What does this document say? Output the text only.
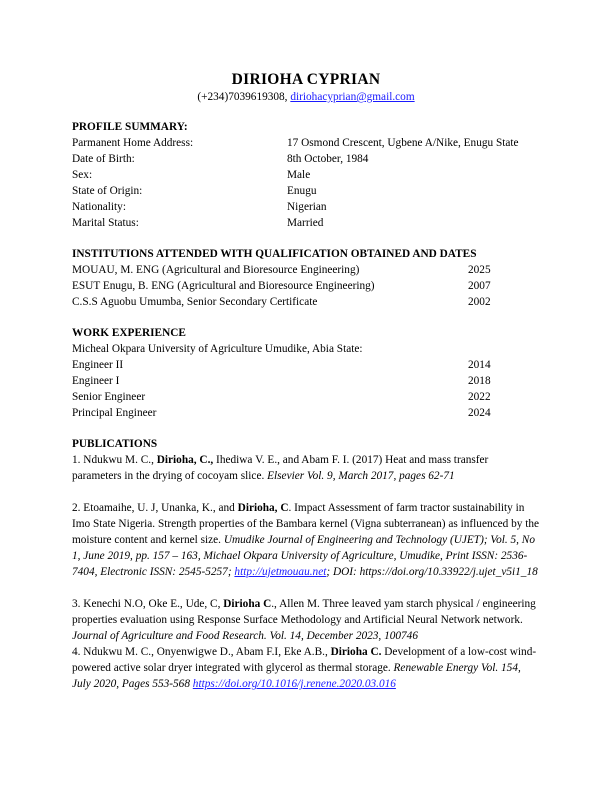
DIRIOHA CYPRIAN
(+234)7039619308, diriohacyprian@gmail.com
PROFILE SUMMARY:
Parmanent Home Address:	17 Osmond Crescent, Ugbene A/Nike, Enugu State
Date of Birth:	8th October, 1984
Sex:	Male
State of Origin:	Enugu
Nationality:	Nigerian
Marital Status:	Married
INSTITUTIONS ATTENDED WITH QUALIFICATION OBTAINED AND DATES
MOUAU, M. ENG (Agricultural and Bioresource Engineering)	2025
ESUT Enugu, B. ENG (Agricultural and Bioresource Engineering)	2007
C.S.S Aguobu Umumba, Senior Secondary Certificate	2002
WORK EXPERIENCE
Micheal Okpara University of Agriculture Umudike, Abia State:
Engineer II	2014
Engineer I	2018
Senior Engineer	2022
Principal Engineer	2024
PUBLICATIONS
1. Ndukwu M. C., Dirioha, C., Ihediwa V. E., and Abam F. I. (2017) Heat and mass transfer parameters in the drying of cocoyam slice. Elsevier Vol. 9, March 2017, pages 62-71
2. Etoamaihe, U. J, Unanka, K., and Dirioha, C. Impact Assessment of farm tractor sustainability in Imo State Nigeria. Strength properties of the Bambara kernel (Vigna subterranean) as influenced by the moisture content and kernel size. Umudike Journal of Engineering and Technology (UJET); Vol. 5, No 1, June 2019, pp. 157 – 163, Michael Okpara University of Agriculture, Umudike, Print ISSN: 2536-7404, Electronic ISSN: 2545-5257; http://ujetmouau.net; DOI: https://doi.org/10.33922/j.ujet_v5i1_18
3. Kenechi N.O, Oke E., Ude, C, Dirioha C., Allen M. Three leaved yam starch physical / engineering properties evaluation using Response Surface Methodology and Artificial Neural Network network. Journal of Agriculture and Food Research. Vol. 14, December 2023, 100746
4. Ndukwu M. C., Onyenwigwe D., Abam F.I, Eke A.B., Dirioha C. Development of a low-cost wind-powered active solar dryer integrated with glycerol as thermal storage. Renewable Energy Vol. 154, July 2020, Pages 553-568 https://doi.org/10.1016/j.renene.2020.03.016
